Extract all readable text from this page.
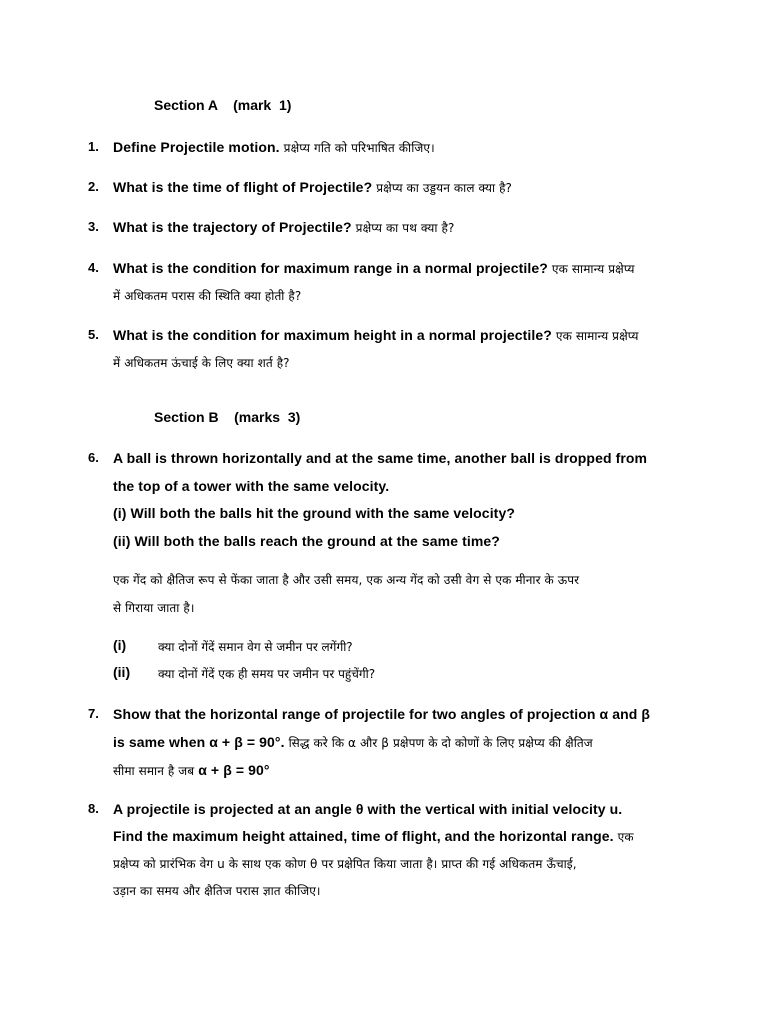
Section A    (mark  1)
1. Define Projectile motion. प्रक्षेप्य गति को परिभाषित कीजिए।
2. What is the time of flight of Projectile? प्रक्षेप्य का उड्डयन काल क्या है?
3. What is the trajectory of Projectile? प्रक्षेप्य का पथ क्या है?
4. What is the condition for maximum range in a normal projectile? एक सामान्य प्रक्षेप्य
में अधिकतम परास की स्थिति क्या होती है?
5. What is the condition for maximum height in a normal projectile? एक सामान्य प्रक्षेप्य
में अधिकतम ऊंचाई के लिए क्या शर्त है?
Section B    (marks  3)
6. A ball is thrown horizontally and at the same time, another ball is dropped from
the top of a tower with the same velocity.
(i) Will both the balls hit the ground with the same velocity?
(ii) Will both the balls reach the ground at the same time?
एक गेंद को क्षैतिज रूप से फेंका जाता है और उसी समय, एक अन्य गेंद को उसी वेग से एक मीनार के ऊपर
से गिराया जाता है।
(i)	क्या दोनों गेंदें समान वेग से जमीन पर लगेंगी?
(ii) क्या दोनों गेंदें एक ही समय पर जमीन पर पहुंचेंगी?
7. Show that the horizontal range of projectile for two angles of projection α and β
is same when α + β = 90°. सिद्ध करे कि α और β प्रक्षेपण के दो कोणों के लिए प्रक्षेप्य की क्षैतिज
सीमा समान है जब α + β = 90°
8. A projectile is projected at an angle θ with the vertical with initial velocity u.
Find the maximum height attained, time of flight, and the horizontal range. एक
प्रक्षेप्य को प्रारंभिक वेग u के साथ एक कोण θ पर प्रक्षेपित किया जाता है। प्राप्त की गई अधिकतम ऊँचाई,
उड़ान का समय और क्षैतिज परास ज्ञात कीजिए।
